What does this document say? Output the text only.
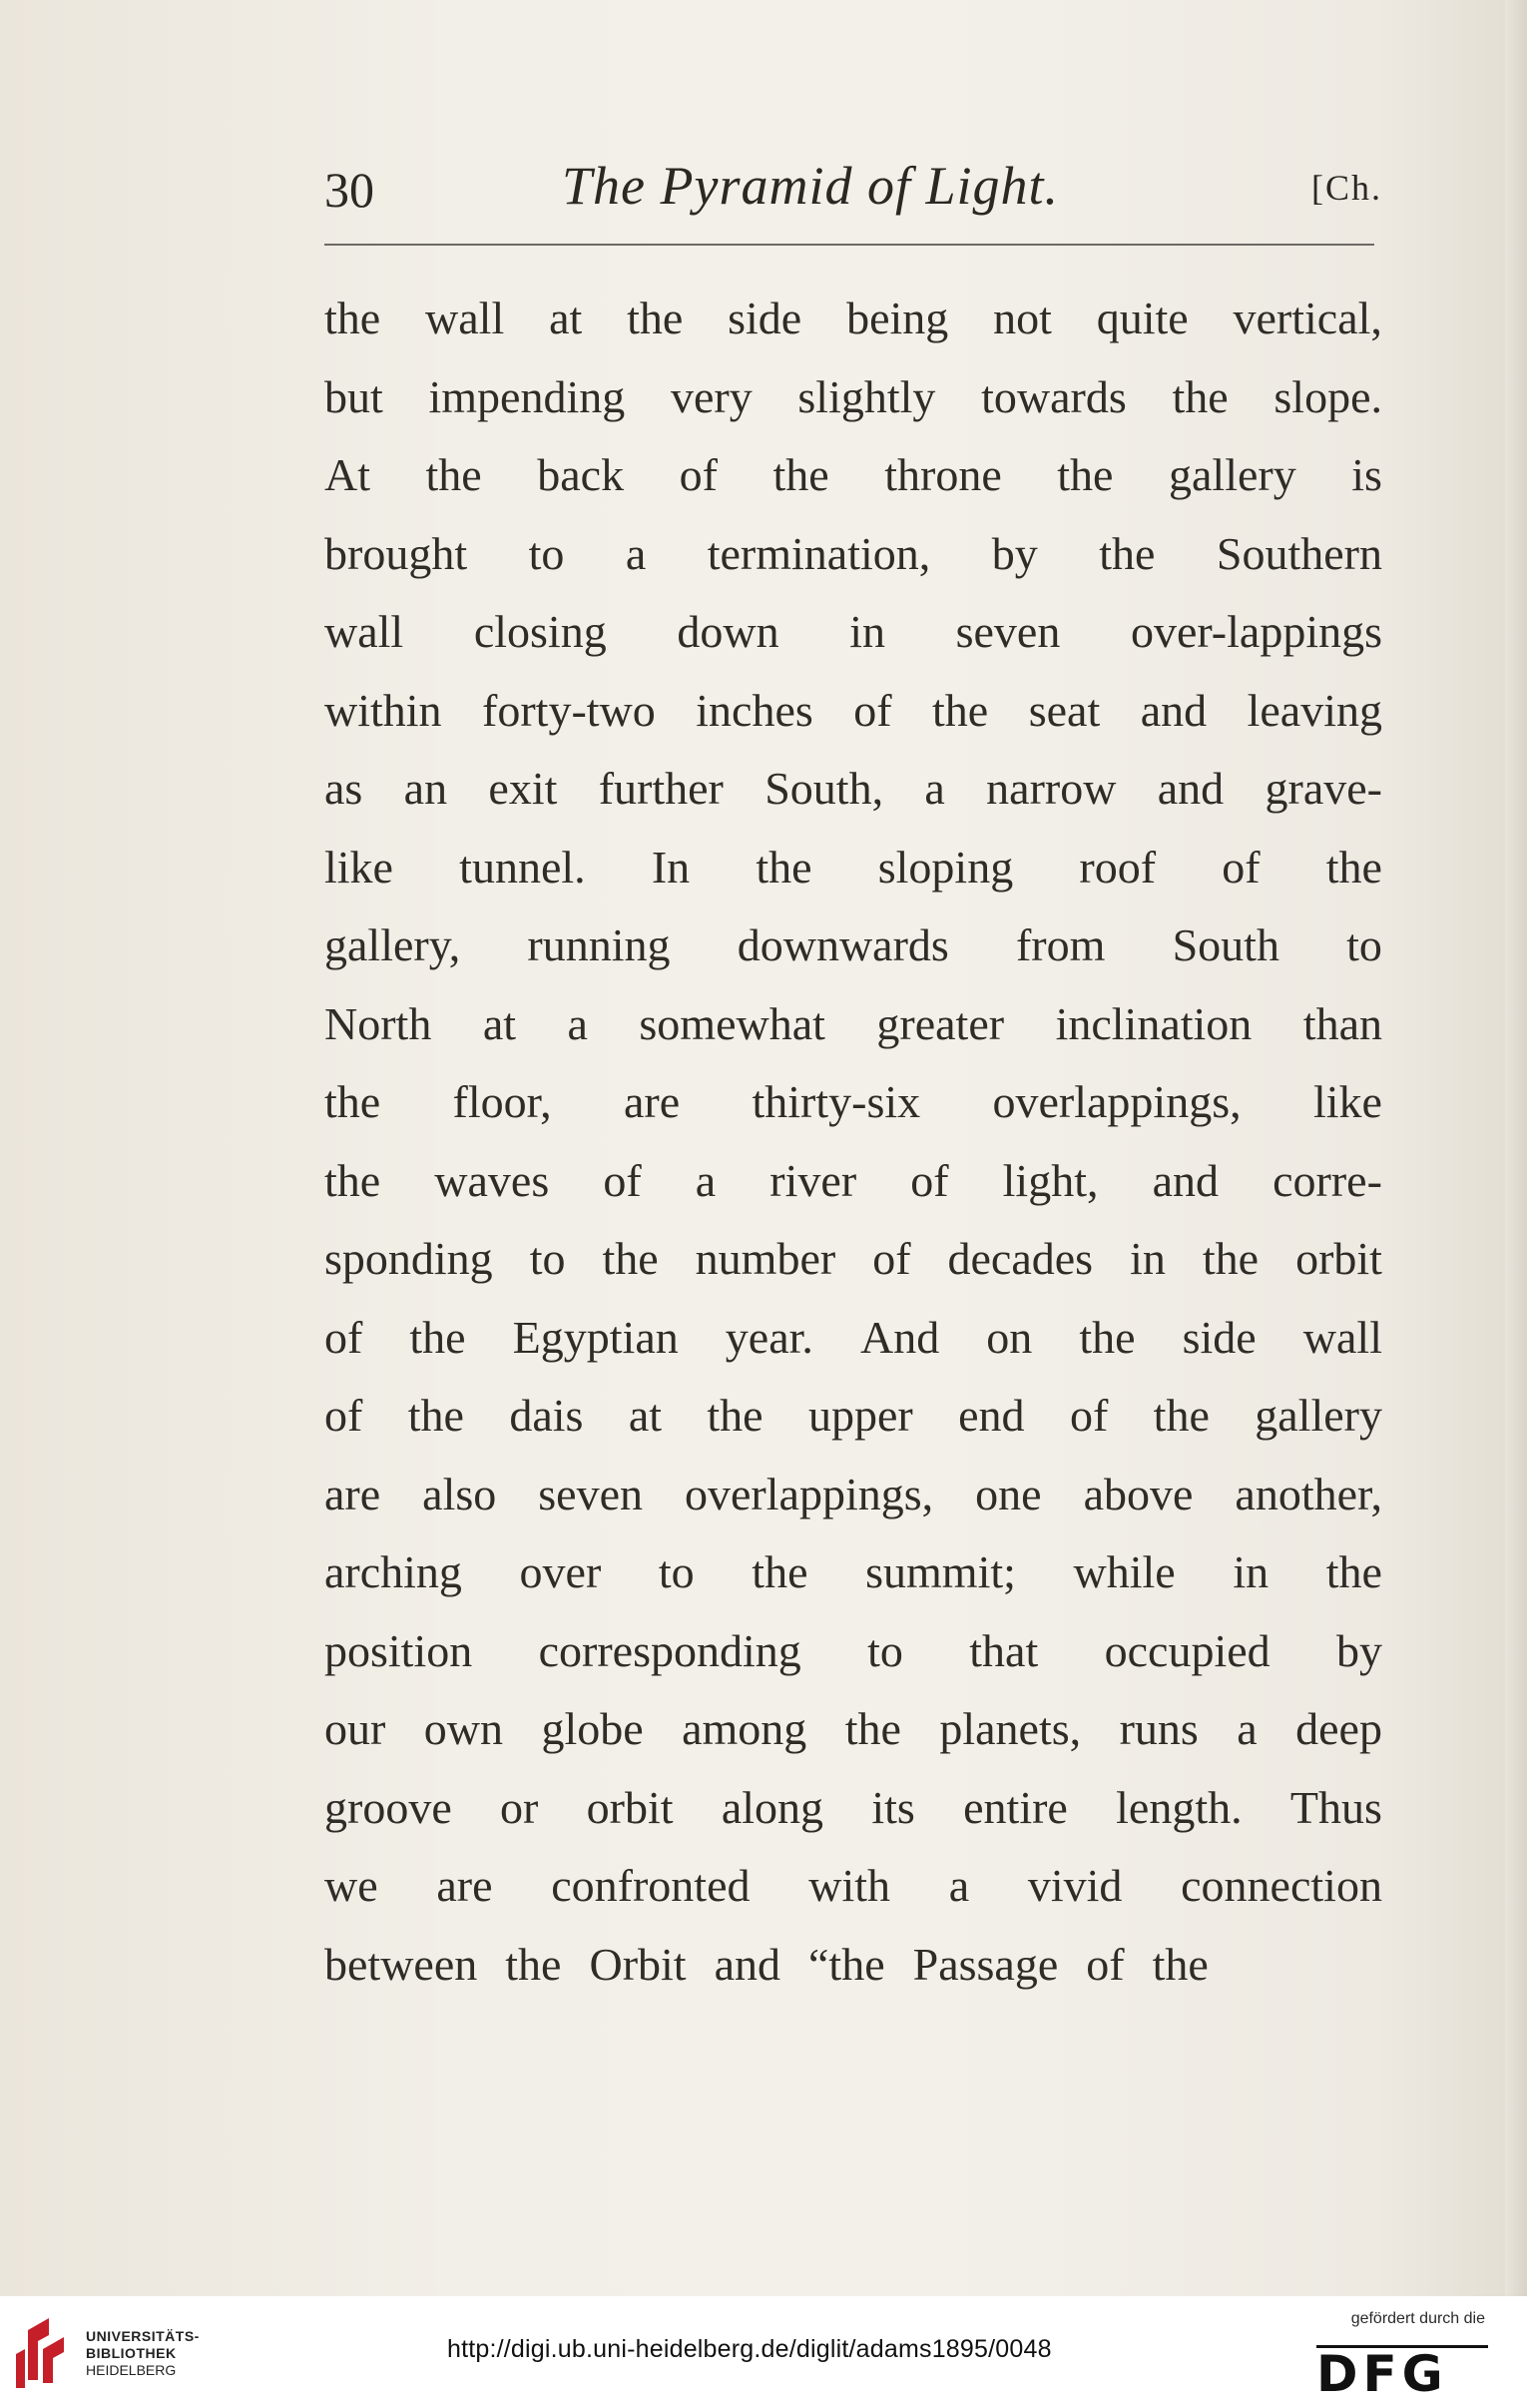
30	The Pyramid of Light.	[Ch.
the wall at the side being not quite vertical,
but impending very slightly towards the slope.
At the back of the throne the gallery is
brought to a termination, by the Southern
wall closing down in seven over-lappings
within forty-two inches of the seat and leaving
as an exit further South, a narrow and grave-
like tunnel. In the sloping roof of the
gallery, running downwards from South to
North at a somewhat greater inclination than
the floor, are thirty-six overlappings, like
the waves of a river of light, and corre-
sponding to the number of decades in the orbit
of the Egyptian year. And on the side wall
of the dais at the upper end of the gallery
are also seven overlappings, one above another,
arching over to the summit; while in the
position corresponding to that occupied by
our own globe among the planets, runs a deep
groove or orbit along its entire length. Thus
we are confronted with a vivid connection
between the Orbit and “the Passage of the
UNIVERSITÄTS-
BIBLIOTHEK
HEIDELBERG
http://digi.ub.uni-heidelberg.de/diglit/adams1895/0048
gefördert durch die
DFG
